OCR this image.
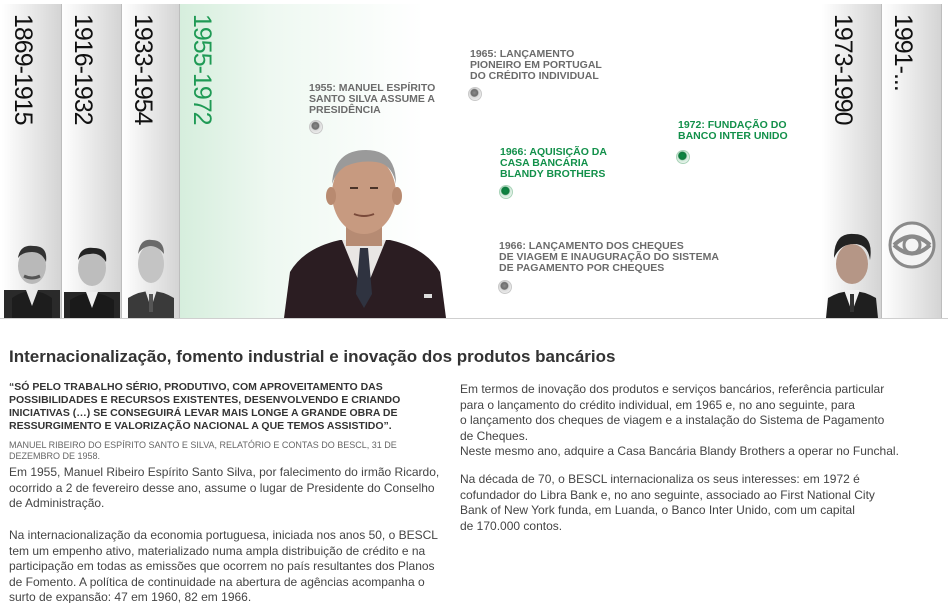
1869-1915 1916-1932 1933-1954 1955-1972	1955: MANUEL ESPÍRITO
SANTO SILVA ASSUME A
PRESIDÊNCIA
1965: LANÇAMENTO
PIONEIRO EM PORTUGAL
DO CRÉDITO INDIVIDUAL
1966: AQUISIÇÃO DA
CASA BANCÁRIA
BLANDY BROTHERS
1972: FUNDAÇÃO DO
BANCO INTER UNIDO
1966: LANÇAMENTO DOS CHEQUES
DE VIAGEM E INAUGURAÇÃO DO SISTEMA
DE PAGAMENTO POR CHEQUES
1973-1990 1991-...
Internacionalização, fomento industrial e inovação dos produtos bancários

“SÓ PELO TRABALHO SÉRIO, PRODUTIVO, COM APROVEITAMENTO DAS POSSIBILIDADES E RECURSOS EXISTENTES, DESENVOLVENDO E CRIANDO INICIATIVAS (…) SE CONSEGUIRÁ LEVAR MAIS LONGE A GRANDE OBRA DE RESSURGIMENTO E VALORIZAÇÃO NACIONAL A QUE TEMOS ASSISTIDO”.

MANUEL RIBEIRO DO ESPÍRITO SANTO E SILVA, RELATÓRIO E CONTAS DO BESCL, 31 DE DEZEMBRO DE 1958.

Em 1955, Manuel Ribeiro Espírito Santo Silva, por falecimento do irmão Ricardo,
ocorrido a 2 de fevereiro desse ano, assume o lugar de Presidente do Conselho
de Administração.

Na internacionalização da economia portuguesa, iniciada nos anos 50, o BESCL
tem um empenho ativo, materializado numa ampla distribuição de crédito e na
participação em todas as emissões que ocorrem no país resultantes dos Planos
de Fomento. A política de continuidade na abertura de agências acompanha o
surto de expansão: 47 em 1960, 82 em 1966.

Em termos de inovação dos produtos e serviços bancários, referência particular
para o lançamento do crédito individual, em 1965 e, no ano seguinte, para
o lançamento dos cheques de viagem e a instalação do Sistema de Pagamento
de Cheques.
Neste mesmo ano, adquire a Casa Bancária Blandy Brothers a operar no Funchal.

Na década de 70, o BESCL internacionaliza os seus interesses: em 1972 é
cofundador do Libra Bank e, no ano seguinte, associado ao First National City
Bank of New York funda, em Luanda, o Banco Inter Unido, com um capital
de 170.000 contos.
